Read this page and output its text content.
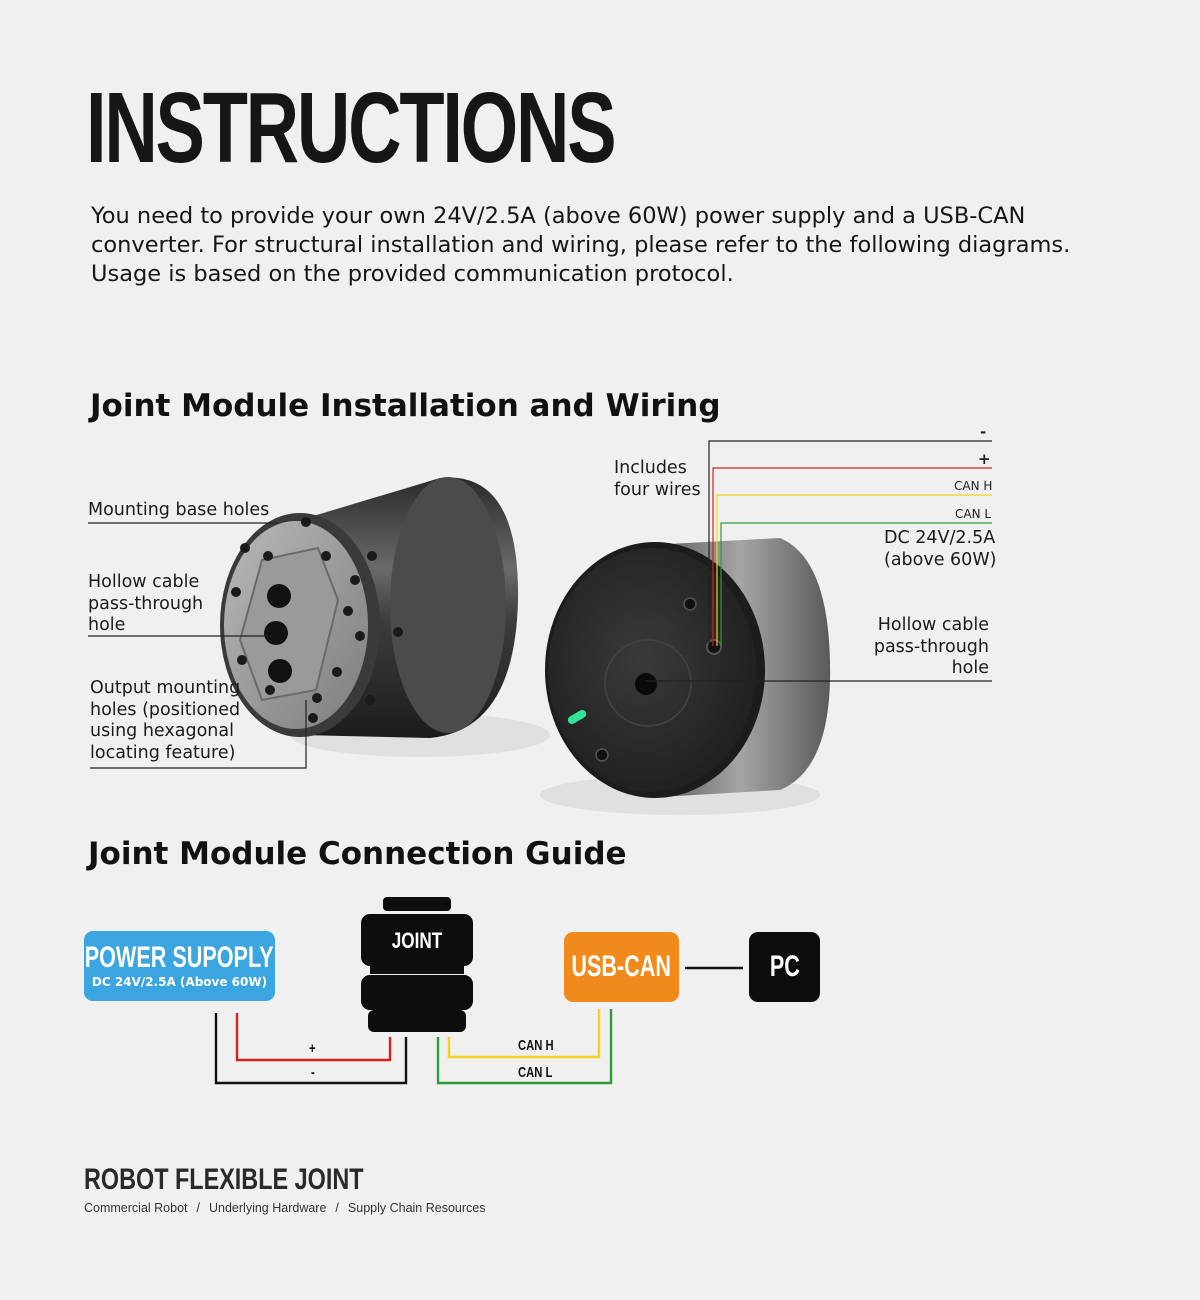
INSTRUCTIONS

You need to provide your own 24V/2.5A (above 60W) power supply and a USB-CAN converter. For structural installation and wiring, please refer to the following diagrams. Usage is based on the provided communication protocol.

Joint Module Installation and Wiring
Mounting base holes
Hollow cable
pass-through
hole
Output mounting
holes (positioned
using hexagonal
locating feature)
Includes
four wires
-
+
CAN H
CAN L
DC 24V/2.5A
(above 60W)
Hollow cable
pass-through
hole
Joint Module Connection Guide
POWER SUPOPLY
DC 24V/2.5A (Above 60W)
JOINT
USB-CAN	PC
+
-
CAN H
CAN L
ROBOT FLEXIBLE JOINT
Commercial Robot / Underlying Hardware / Supply Chain Resources
